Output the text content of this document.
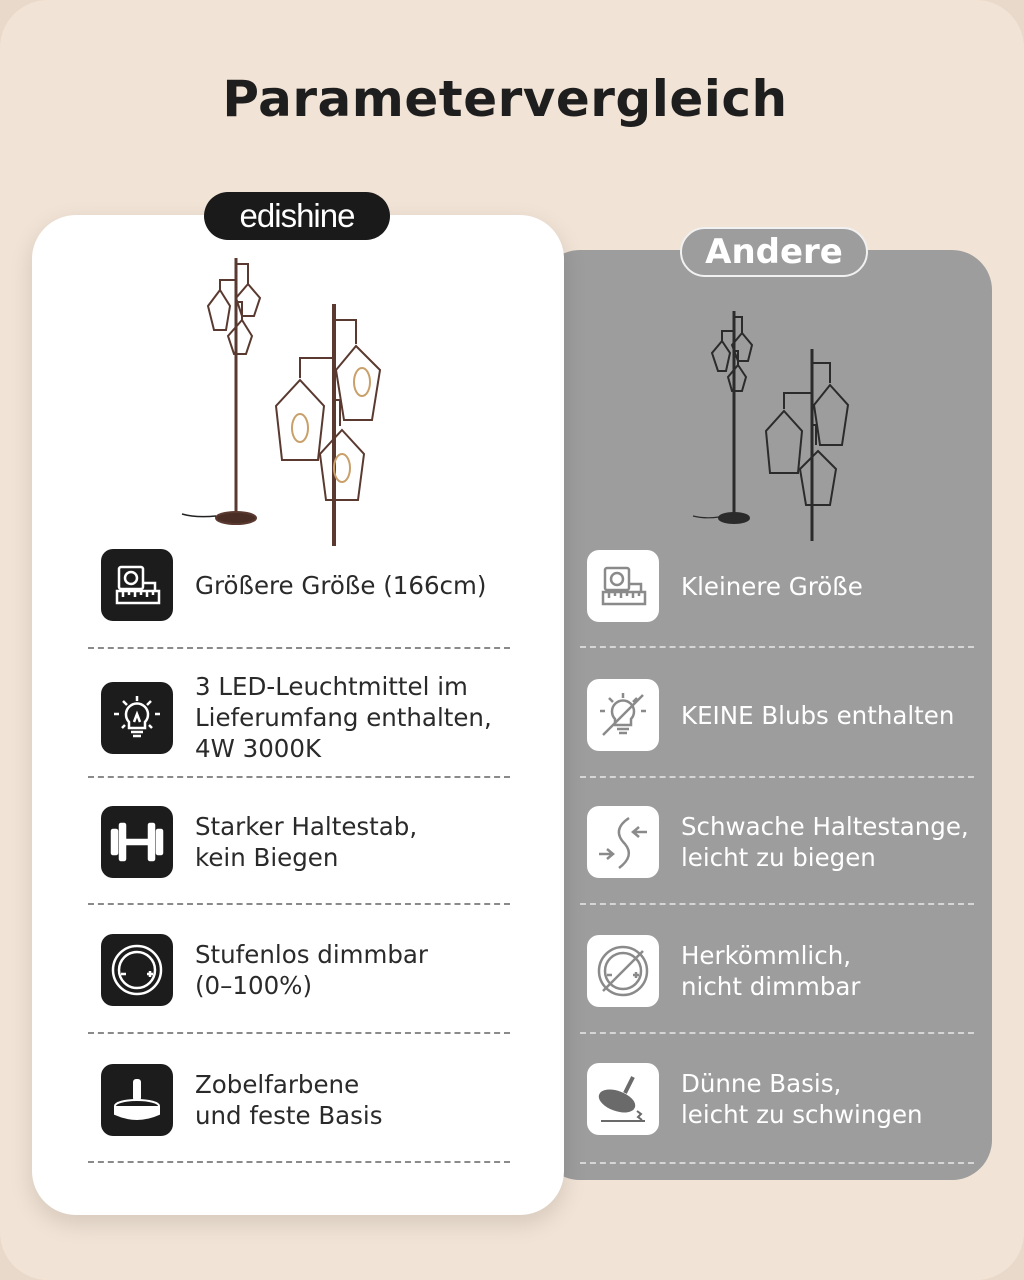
Parametervergleich
edishine
Andere
Größere Größe (166cm)
3 LED-Leuchtmittel im
Lieferumfang enthalten,
4W 3000K
Starker Haltestab,
kein Biegen
Stufenlos dimmbar
(0–100%)
Zobelfarbene
und feste Basis
Kleinere Größe
KEINE Blubs enthalten
Schwache Haltestange,
leicht zu biegen
Herkömmlich,
nicht dimmbar
Dünne Basis,
leicht zu schwingen
